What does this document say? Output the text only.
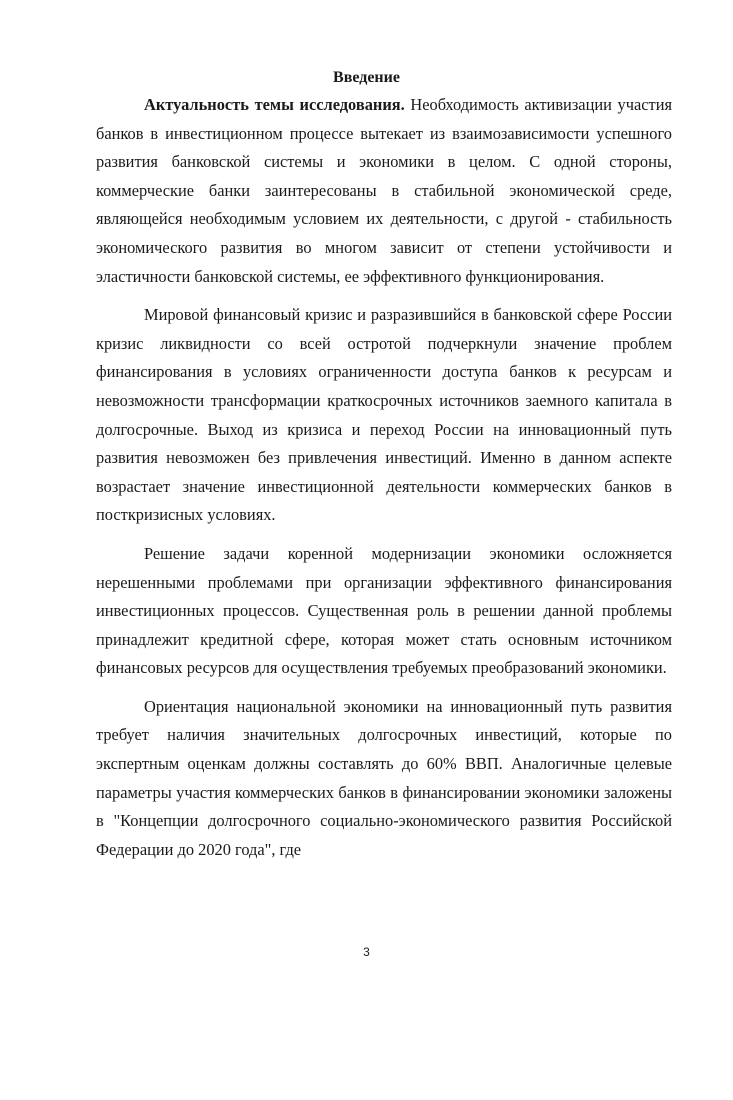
Введение

Актуальность темы исследования. Необходимость активизации участия банков в инвестиционном процессе вытекает из взаимозависимости успешного развития банковской системы и экономики в целом. С одной стороны, коммерческие банки заинтересованы в стабильной экономической среде, являющейся необходимым условием их деятельности, с другой - стабильность экономического развития во многом зависит от степени устойчивости и эластичности банковской системы, ее эффективного функционирования.

Мировой финансовый кризис и разразившийся в банковской сфере России кризис ликвидности со всей остротой подчеркнули значение проблем финансирования в условиях ограниченности доступа банков к ресурсам и невозможности трансформации краткосрочных источников заемного капитала в долгосрочные. Выход из кризиса и переход России на инновационный путь развития невозможен без привлечения инвестиций. Именно в данном аспекте возрастает значение инвестиционной деятельности коммерческих банков в посткризисных условиях.

Решение задачи коренной модернизации экономики осложняется нерешенными проблемами при организации эффективного финансирования инвестиционных процессов. Существенная роль в решении данной проблемы принадлежит кредитной сфере, которая может стать основным источником финансовых ресурсов для осуществления требуемых преобразований экономики.

Ориентация национальной экономики на инновационный путь развития требует наличия значительных долгосрочных инвестиций, которые по экспертным оценкам должны составлять до 60% ВВП. Аналогичные целевые параметры участия коммерческих банков в финансировании экономики заложены в "Концепции долгосрочного социально-экономического развития Российской Федерации до 2020 года", где

3
